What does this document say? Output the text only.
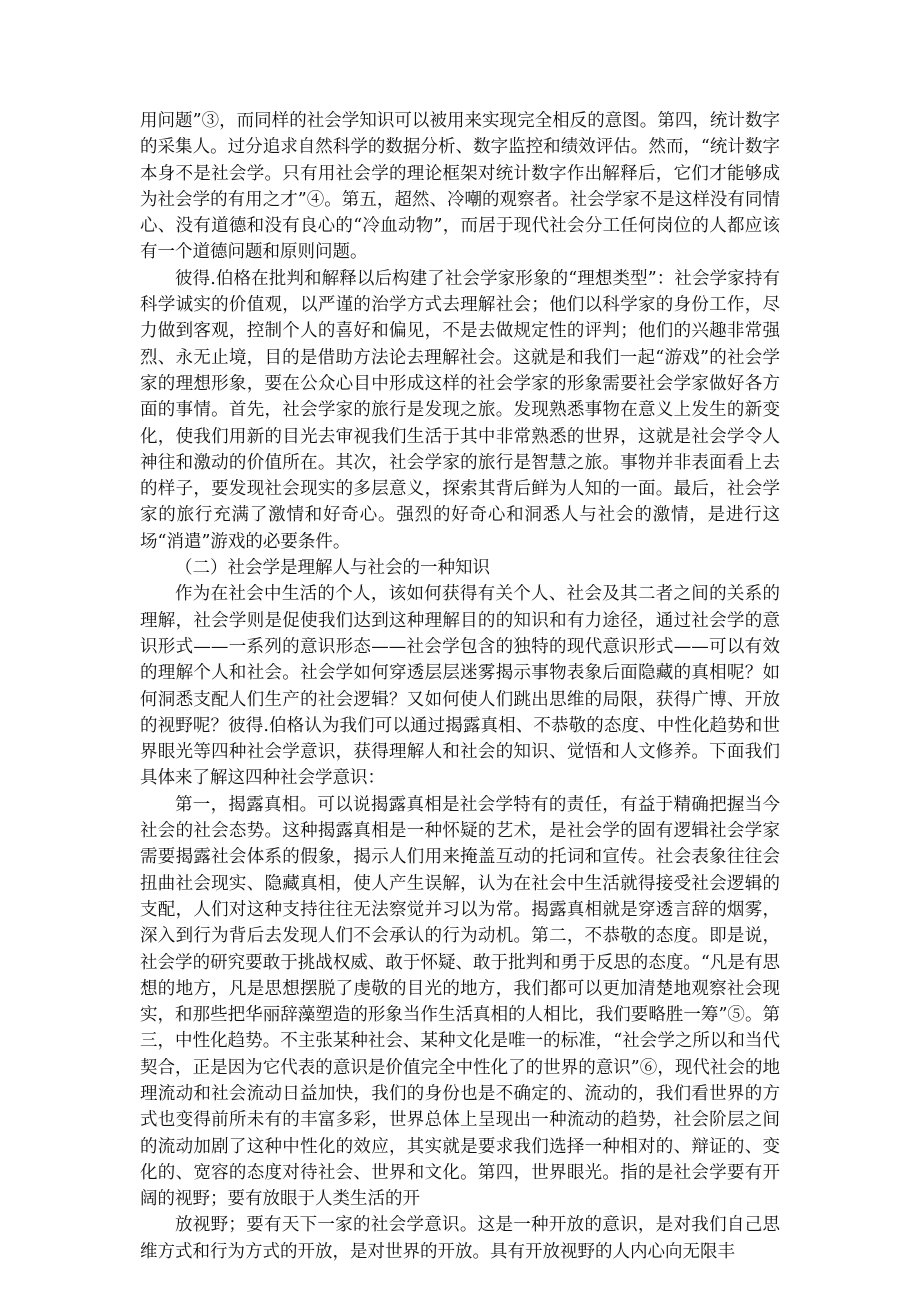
用问题”③，而同样的社会学知识可以被用来实现完全相反的意图。第四，统计数字的采集人。过分追求自然科学的数据分析、数字监控和绩效评估。然而，“统计数字本身不是社会学。只有用社会学的理论框架对统计数字作出解释后，它们才能够成为社会学的有用之才”④。第五，超然、冷嘲的观察者。社会学家不是这样没有同情心、没有道德和没有良心的“冷血动物”，而居于现代社会分工任何岗位的人都应该有一个道德问题和原则问题。

彼得.伯格在批判和解释以后构建了社会学家形象的“理想类型”：社会学家持有科学诚实的价值观，以严谨的治学方式去理解社会；他们以科学家的身份工作，尽力做到客观，控制个人的喜好和偏见，不是去做规定性的评判；他们的兴趣非常强烈、永无止境，目的是借助方法论去理解社会。这就是和我们一起“游戏”的社会学家的理想形象，要在公众心目中形成这样的社会学家的形象需要社会学家做好各方面的事情。首先，社会学家的旅行是发现之旅。发现熟悉事物在意义上发生的新变化，使我们用新的目光去审视我们生活于其中非常熟悉的世界，这就是社会学令人神往和激动的价值所在。其次，社会学家的旅行是智慧之旅。事物并非表面看上去的样子，要发现社会现实的多层意义，探索其背后鲜为人知的一面。最后，社会学家的旅行充满了激情和好奇心。强烈的好奇心和洞悉人与社会的激情，是进行这场“消遣”游戏的必要条件。

（二）社会学是理解人与社会的一种知识

作为在社会中生活的个人，该如何获得有关个人、社会及其二者之间的关系的理解，社会学则是促使我们达到这种理解目的的知识和有力途径，通过社会学的意识形式——一系列的意识形态——社会学包含的独特的现代意识形式——可以有效的理解个人和社会。社会学如何穿透层层迷雾揭示事物表象后面隐藏的真相呢？如何洞悉支配人们生产的社会逻辑？又如何使人们跳出思维的局限，获得广博、开放的视野呢？彼得.伯格认为我们可以通过揭露真相、不恭敬的态度、中性化趋势和世界眼光等四种社会学意识，获得理解人和社会的知识、觉悟和人文修养。下面我们具体来了解这四种社会学意识：

第一，揭露真相。可以说揭露真相是社会学特有的责任，有益于精确把握当今社会的社会态势。这种揭露真相是一种怀疑的艺术，是社会学的固有逻辑社会学家需要揭露社会体系的假象，揭示人们用来掩盖互动的托词和宣传。社会表象往往会扭曲社会现实、隐藏真相，使人产生误解，认为在社会中生活就得接受社会逻辑的支配，人们对这种支持往往无法察觉并习以为常。揭露真相就是穿透言辞的烟雾，深入到行为背后去发现人们不会承认的行为动机。第二，不恭敬的态度。即是说，社会学的研究要敢于挑战权威、敢于怀疑、敢于批判和勇于反思的态度。“凡是有思想的地方，凡是思想摆脱了虔敬的目光的地方，我们都可以更加清楚地观察社会现实，和那些把华丽辞藻塑造的形象当作生活真相的人相比，我们要略胜一筹”⑤。第三，中性化趋势。不主张某种社会、某种文化是唯一的标准，“社会学之所以和当代契合，正是因为它代表的意识是价值完全中性化了的世界的意识”⑥，现代社会的地理流动和社会流动日益加快，我们的身份也是不确定的、流动的，我们看世界的方式也变得前所未有的丰富多彩，世界总体上呈现出一种流动的趋势，社会阶层之间的流动加剧了这种中性化的效应，其实就是要求我们选择一种相对的、辩证的、变化的、宽容的态度对待社会、世界和文化。第四，世界眼光。指的是社会学要有开阔的视野；要有放眼于人类生活的开

放视野；要有天下一家的社会学意识。这是一种开放的意识，是对我们自己思维方式和行为方式的开放，是对世界的开放。具有开放视野的人内心向无限丰
